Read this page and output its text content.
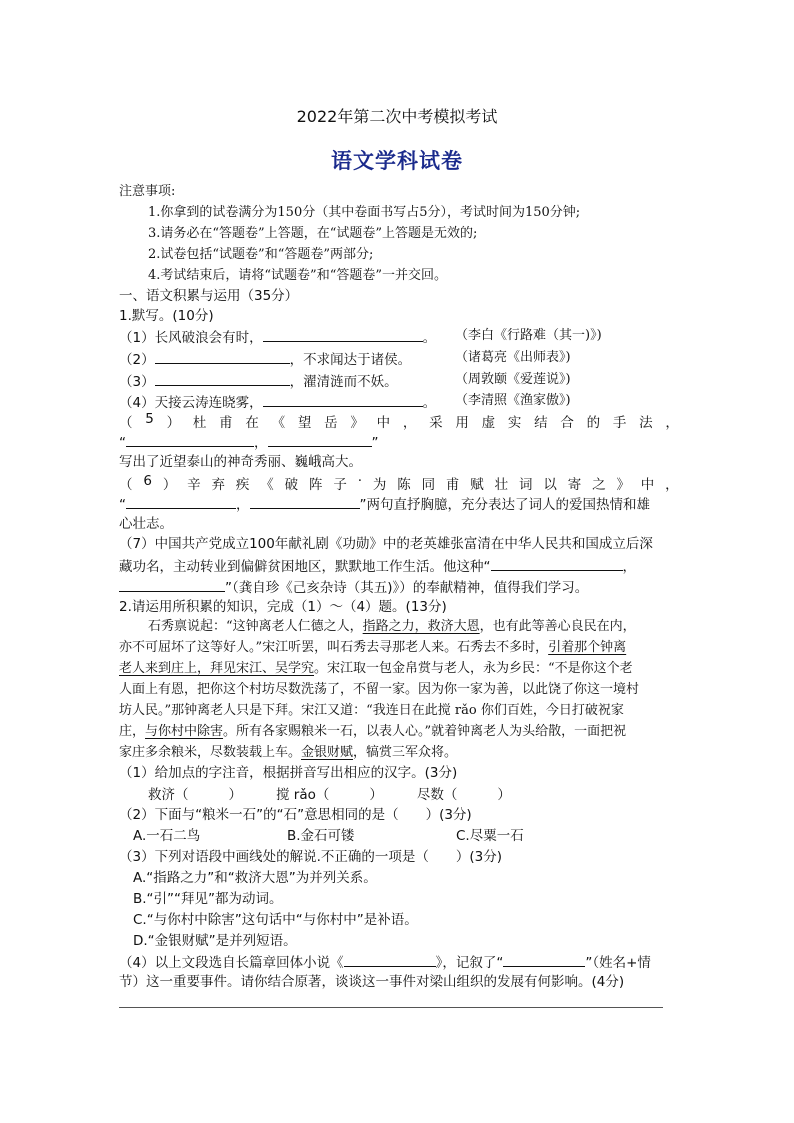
2022年第二次中考模拟考试
语文学科试卷
注意事项:
1.你拿到的试卷满分为150分（其中卷面书写占5分），考试时间为150分钟;
3.请务必在“答题卷”上答题，在“试题卷”上答题是无效的;
2.试卷包括“试题卷”和“答题卷”两部分;
4.考试结束后，请将“试题卷”和“答题卷”一并交回。
一、语文积累与运用（35分）
1.默写。(10分)
（1）长风破浪会有时，	。 （李白《行路难（其一)》)
（2）	，不求闻达于诸侯。	（诸葛亮《出师表》)
（3）	，濯清涟而不妖。	（周敦颐《爱莲说》)
（4）天接云涛连晓雾，	。 （李清照《渔家傲》)
（ 5 ） 杜 甫 在 《 望 岳 》 中 ， 采 用 虚 实 结 合 的 手 法 ，
“	，	”
写出了近望泰山的神奇秀丽、巍峨高大。
（ 6 ） 辛 弃 疾 《 破 阵 子 · 为 陈 同 甫 赋 壮 词 以 寄 之 》 中 ，
“	，	”两句直抒胸臆，充分表达了词人的爱国热情和雄
心壮志。
（7）中国共产党成立100年献礼剧《功勋》中的老英雄张富清在中华人民共和国成立后深
藏功名，主动转业到偏僻贫困地区，默默地工作生活。他这种“	，
”（龚自珍《己亥杂诗（其五)》）的奉献精神，值得我们学习。
2.请运用所积累的知识，完成（1）～（4）题。(13分)
石秀禀说起：“这钟离老人仁德之人，指路之力，救济大恩，也有此等善心良民在内，
亦不可屈坏了这等好人。”宋江听罢，叫石秀去寻那老人来。石秀去不多时，引着那个钟离
老人来到庄上，拜见宋江、吴学究。宋江取一包金帛赏与老人，永为乡民：“不是你这个老
人面上有恩，把你这个村坊尽数洗荡了，不留一家。因为你一家为善，以此饶了你这一境村
坊人民。”那钟离老人只是下拜。宋江又道：“我连日在此搅 rǎo 你们百姓，今日打破祝家
庄，与你村中除害。所有各家赐粮米一石，以表人心。”就着钟离老人为头给散，一面把祝
家庄多余粮米，尽数装载上车。金银财赋，犒赏三军众将。
（1）给加点的字注音，根据拼音写出相应的汉字。(3分)
救济（	）	搅 rǎo（	）	尽数（	）
（2）下面与“粮米一石”的“石”意思相同的是（　　）(3分)
A.一石二鸟	B.金石可镂	C.尽粟一石
（3）下列对语段中画线处的解说.不正确的一项是（　　）(3分)
A.“指路之力”和“救济大恩”为并列关系。
B.“引”“拜见”都为动词。
C.“与你村中除害”这句话中“与你村中”是补语。
D.“金银财赋”是并列短语。
（4）以上文段选自长篇章回体小说《	》，记叙了“	”（姓名+情
节）这一重要事件。请你结合原著，谈谈这一事件对梁山组织的发展有何影响。(4分)
